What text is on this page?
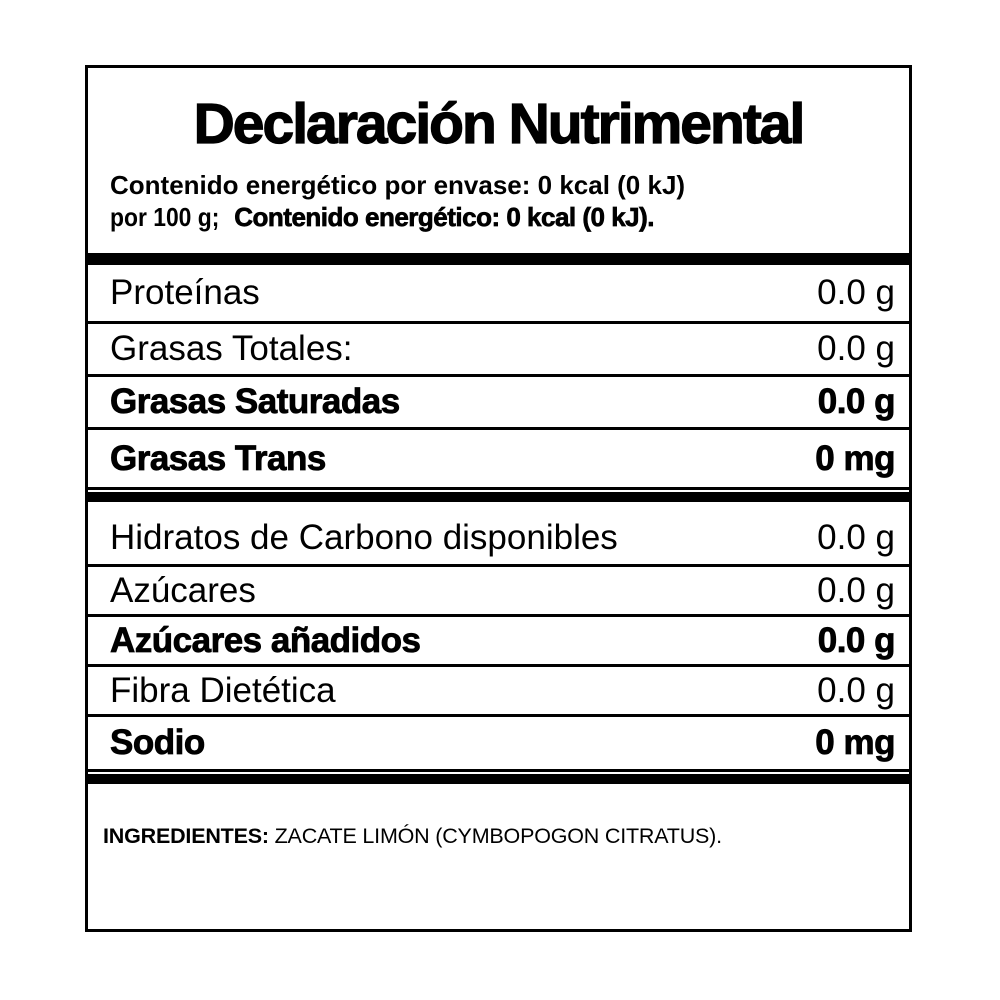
Declaración Nutrimental
Contenido energético por envase: 0 kcal (0 kJ)
por 100 g;Contenido energético: 0 kcal (0 kJ).
Proteínas	0.0 g
Grasas Totales:	0.0 g
Grasas Saturadas	0.0 g
Grasas Trans	0 mg
Hidratos de Carbono disponibles	0.0 g
Azúcares	0.0 g
Azúcares añadidos	0.0 g
Fibra Dietética	0.0 g
Sodio	0 mg
INGREDIENTES: ZACATE LIMÓN (CYMBOPOGON CITRATUS).
